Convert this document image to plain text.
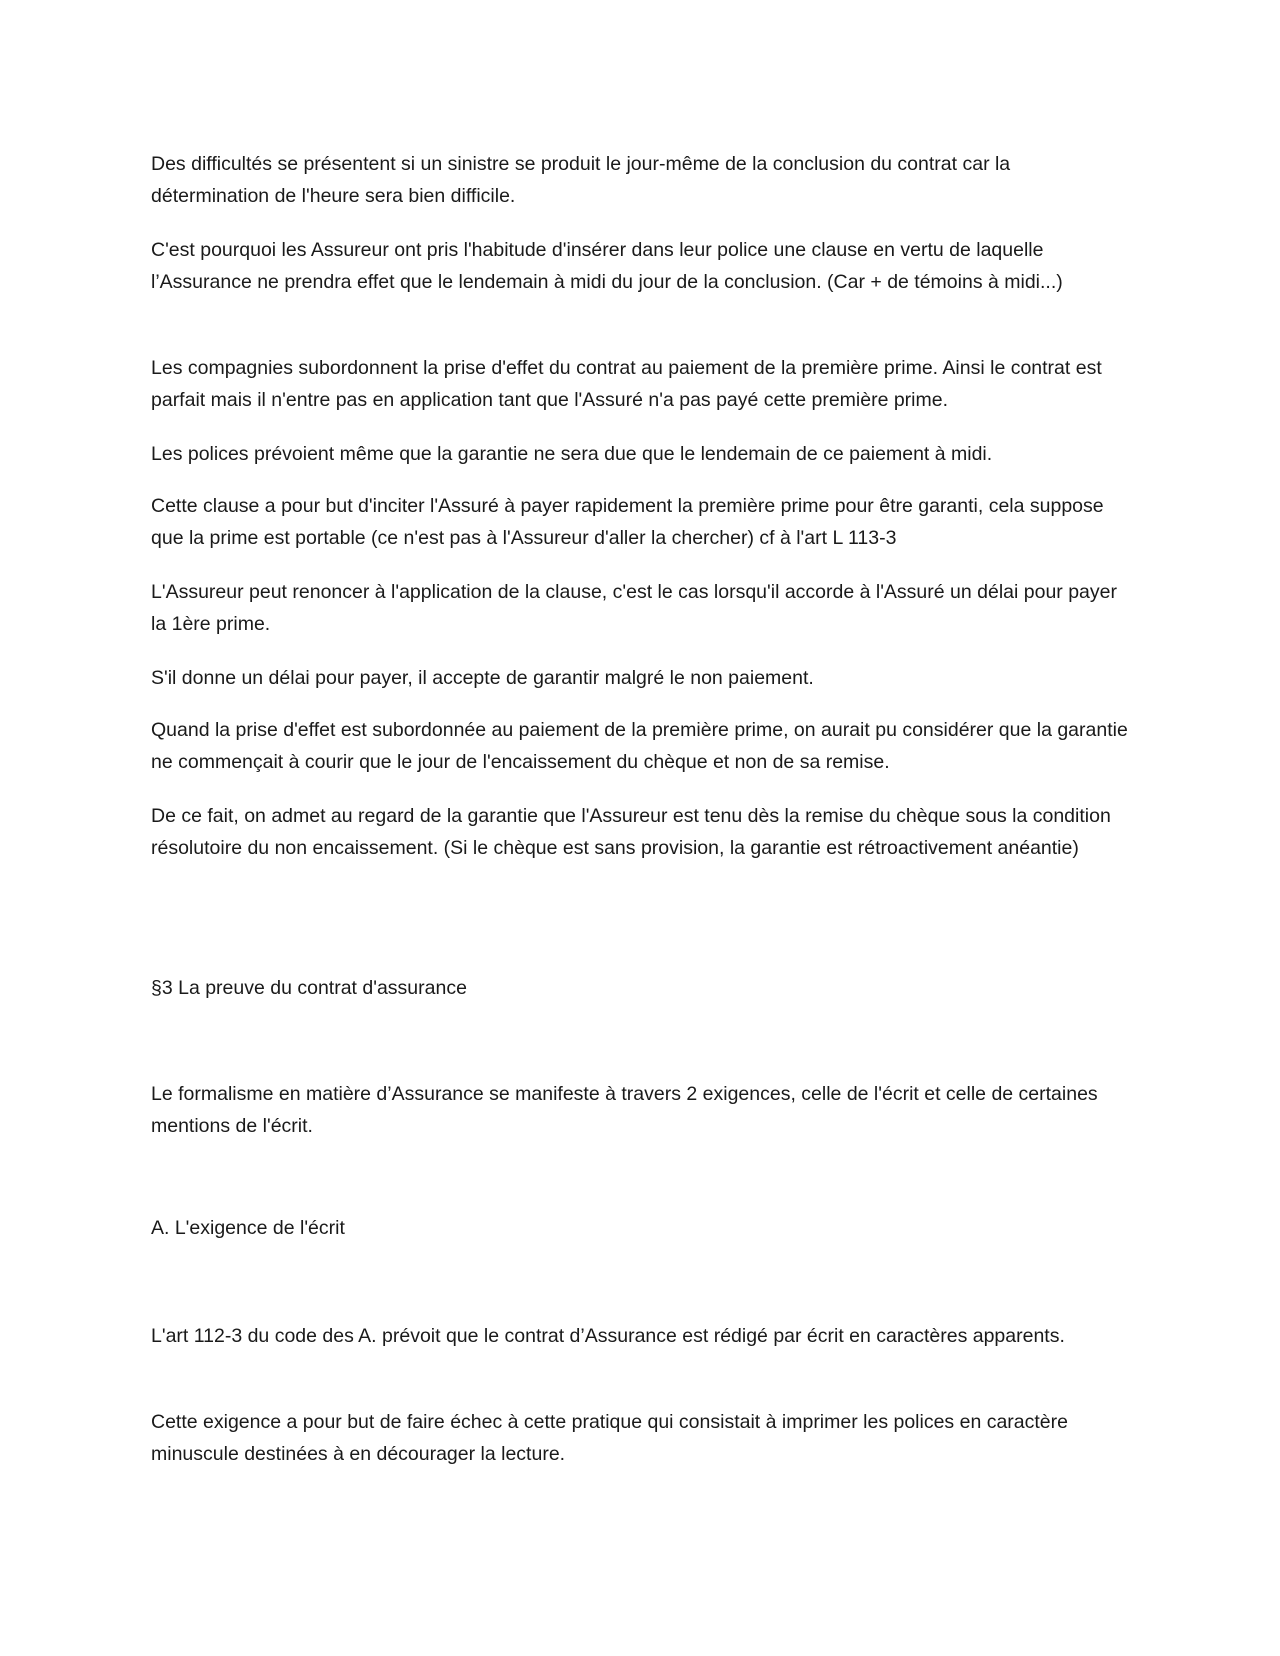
Des difficultés se présentent si un sinistre se produit le jour-même de la conclusion du contrat car la détermination de l'heure sera bien difficile.

C'est pourquoi les Assureur ont pris l'habitude d'insérer dans leur police une clause en vertu de laquelle l’Assurance ne prendra effet que le lendemain à midi du jour de la conclusion. (Car + de témoins à midi...)

Les compagnies subordonnent la prise d'effet du contrat au paiement de la première prime. Ainsi le contrat est parfait mais il n'entre pas en application tant que l'Assuré n'a pas payé cette première prime.

Les polices prévoient même que la garantie ne sera due que le lendemain de ce paiement à midi.

Cette clause a pour but d'inciter l'Assuré à payer rapidement la première prime pour être garanti, cela suppose que la prime est portable (ce n'est pas à l'Assureur d'aller la chercher) cf à l'art L 113-3

L'Assureur peut renoncer à l'application de la clause, c'est le cas lorsqu'il accorde à l'Assuré un délai pour payer la 1ère prime.

S'il donne un délai pour payer, il accepte de garantir malgré le non paiement.

Quand la prise d'effet est subordonnée au paiement de la première prime, on aurait pu considérer que la garantie ne commençait à courir que le jour de l'encaissement du chèque et non de sa remise.

De ce fait, on admet au regard de la garantie que l'Assureur est tenu dès la remise du chèque sous la condition résolutoire du non encaissement. (Si le chèque est sans provision, la garantie est rétroactivement anéantie)

§3 La preuve du contrat d'assurance

Le formalisme en matière d’Assurance se manifeste à travers 2 exigences, celle de l'écrit et celle de certaines mentions de l'écrit.

A. L'exigence de l'écrit

L'art 112-3 du code des A. prévoit que le contrat d’Assurance est rédigé par écrit en caractères apparents.

Cette exigence a pour but de faire échec à cette pratique qui consistait à imprimer les polices en caractère minuscule destinées à en décourager la lecture.
